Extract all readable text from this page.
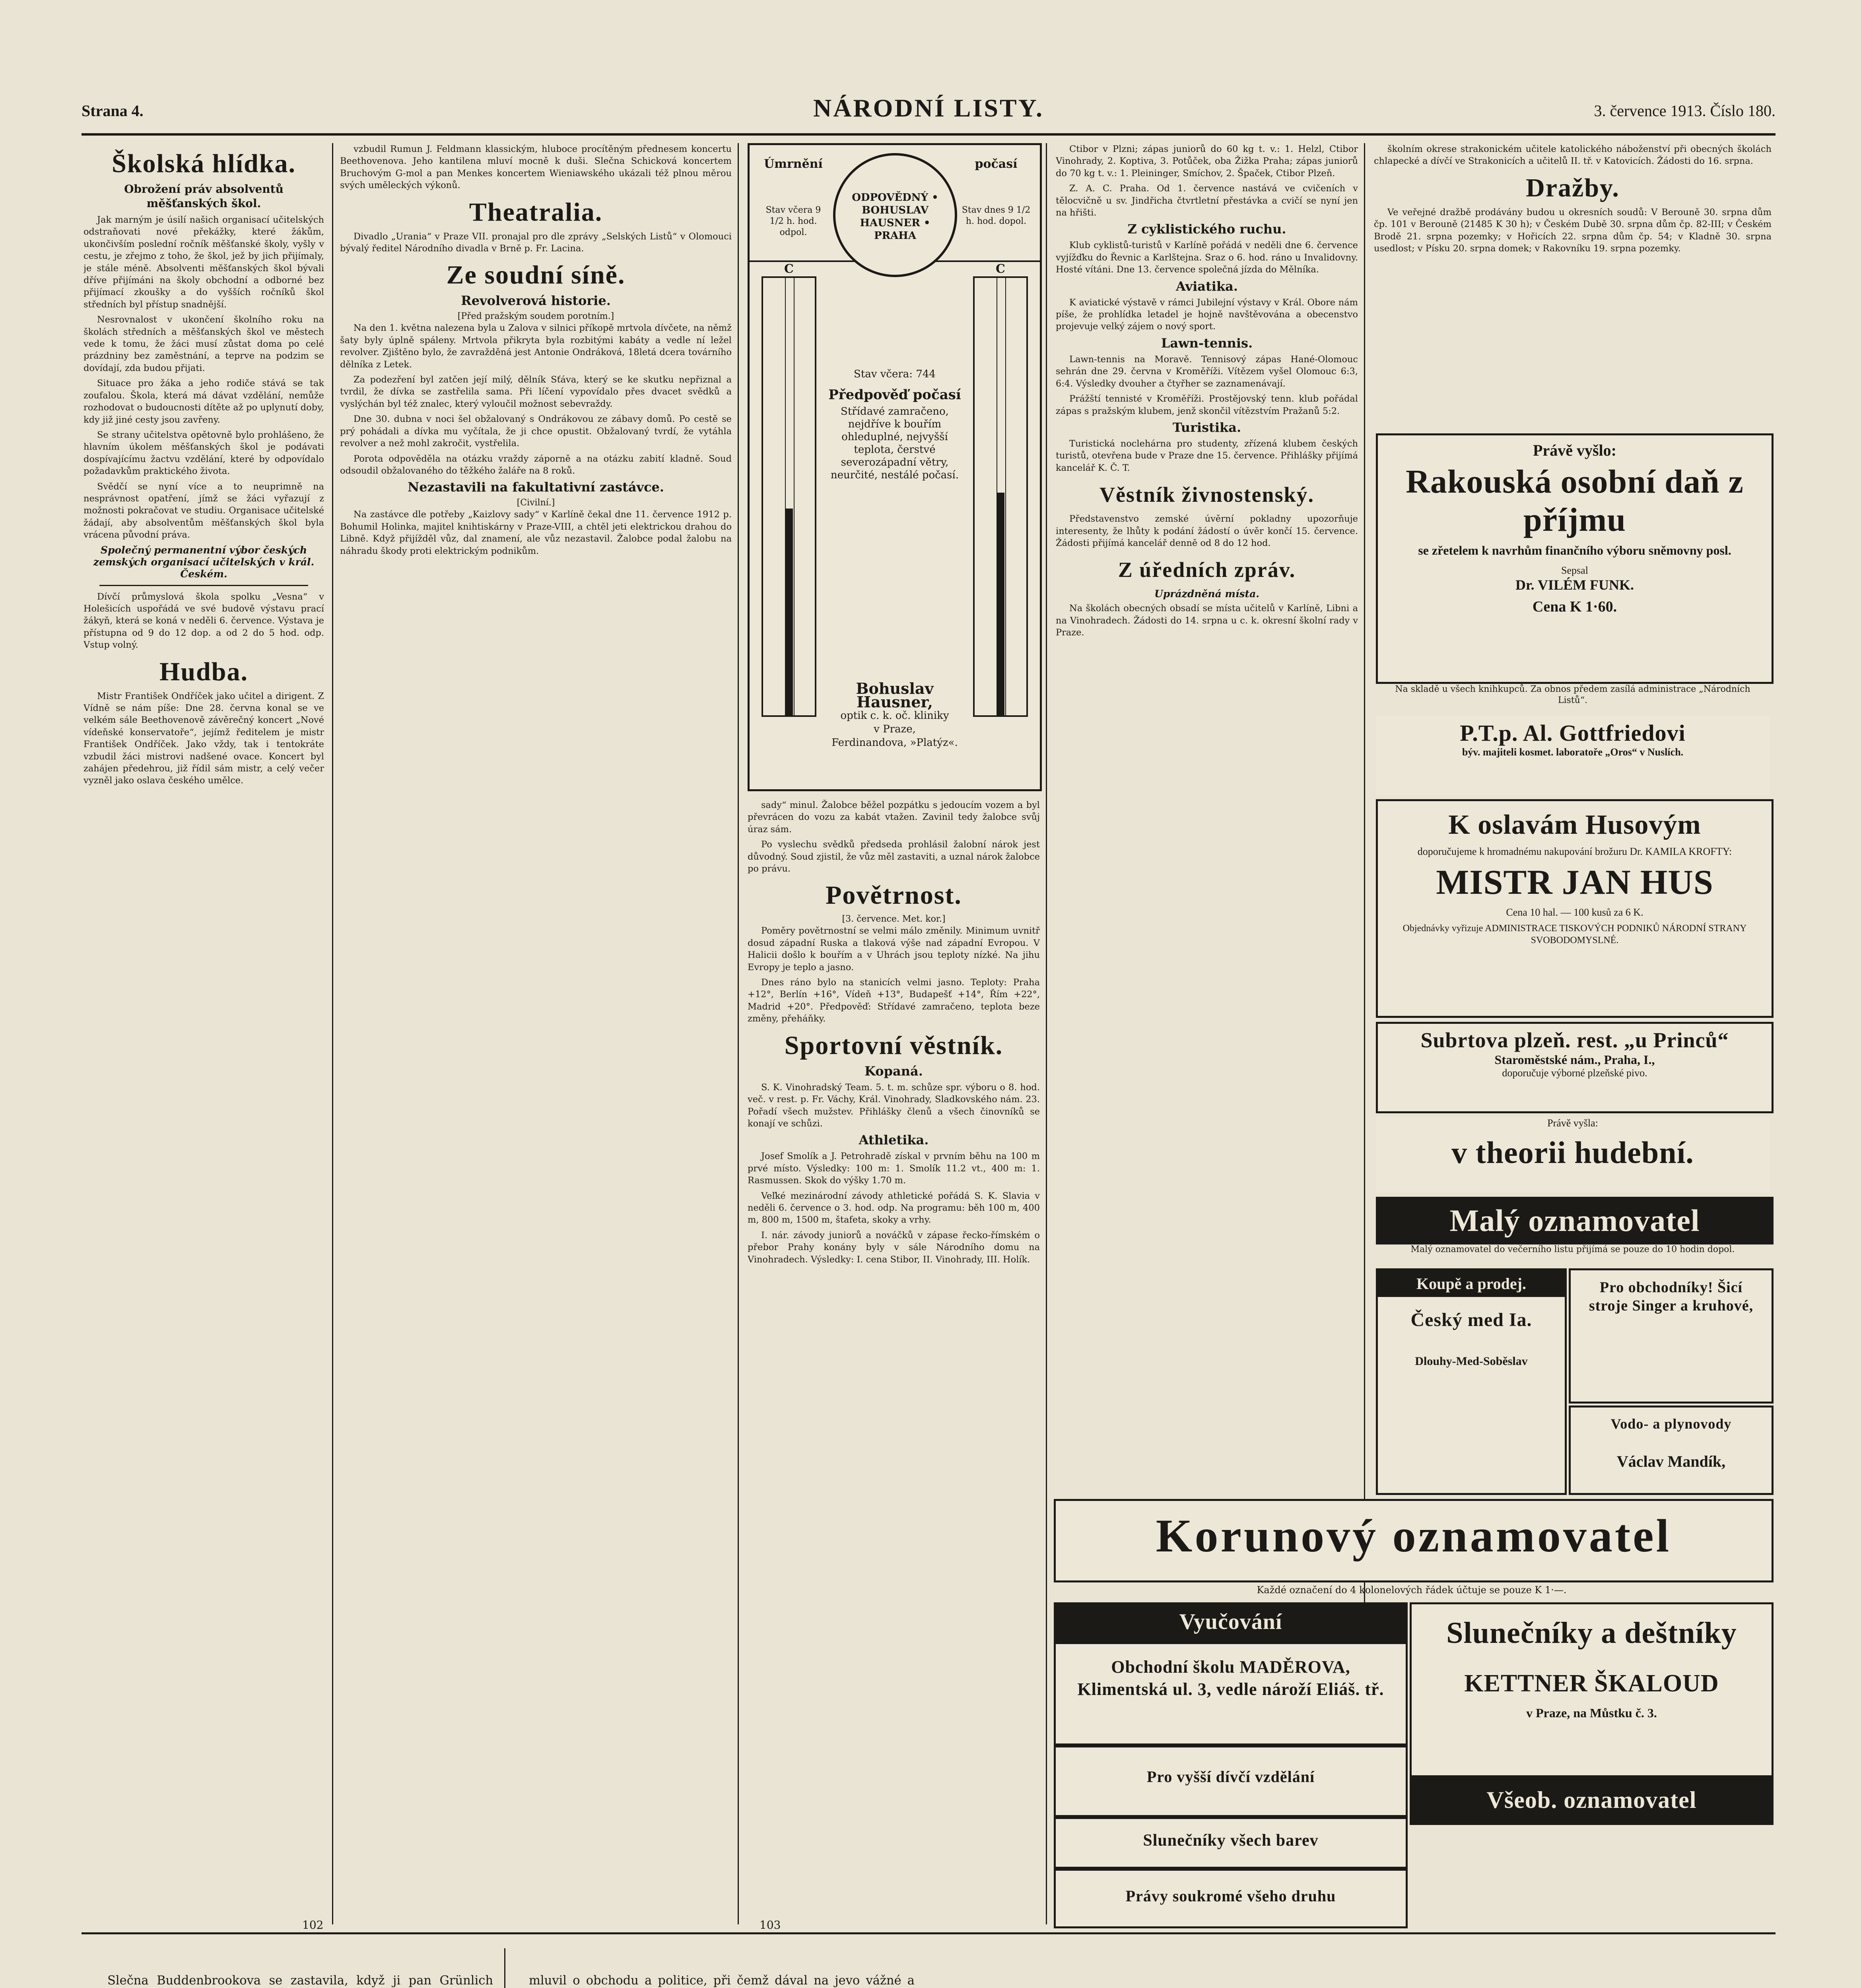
Strana 4.	NÁRODNÍ LISTY.	3. července 1913. Číslo 180.
Školská hlídka.
Obrožení práv absolventů měšťanských škol.

Jak marným je úsilí našich organisací učitelských odstraňovati nové překážky, které žákům, ukončivším poslední ročník měšťanské školy, vyšly v cestu, je zřejmo z toho, že škol, jež by jich přijímaly, je stále méně. Absolventi měšťanských škol bývali dříve přijímáni na školy obchodní a odborné bez přijímací zkoušky a do vyšších ročníků škol středních byl přístup snadnější.

Nesrovnalost v ukončení školního roku na školách středních a měšťanských škol ve městech vede k tomu, že žáci musí zůstat doma po celé prázdniny bez zaměstnání, a teprve na podzim se dovídají, zda budou přijati.

Situace pro žáka a jeho rodiče stává se tak zoufalou. Škola, která má dávat vzdělání, nemůže rozhodovat o budoucnosti dítěte až po uplynutí doby, kdy již jiné cesty jsou zavřeny.

Se strany učitelstva opětovně bylo prohlášeno, že hlavním úkolem měšťanských škol je podávati dospívajícímu žactvu vzdělání, které by odpovídalo požadavkům praktického života.

Svědčí se nyní více a to neuprimně na nesprávnost opatření, jímž se žáci vyřazují z možnosti pokračovat ve studiu. Organisace učitelské žádají, aby absolventům měšťanských škol byla vrácena původní práva.

Společný permanentní výbor českých zemských organisací učitelských v král. Českém.

Dívčí průmyslová škola spolku „Vesna“ v Holešicích uspořádá ve své budově výstavu prací žákyň, která se koná v neděli 6. července. Výstava je přístupna od 9 do 12 dop. a od 2 do 5 hod. odp. Vstup volný.

Hudba.

Mistr František Ondříček jako učitel a dirigent. Z Vídně se nám píše: Dne 28. června konal se ve velkém sále Beethovenově závěrečný koncert „Nové vídeňské konservatoře“, jejímž ředitelem je mistr František Ondříček. Jako vždy, tak i tentokráte vzbudil žáci mistrovi nadšené ovace. Koncert byl zahájen předehrou, již řídil sám mistr, a celý večer vyzněl jako oslava českého umělce.

vzbudil Rumun J. Feldmann klassickým, hluboce procítěným přednesem koncertu Beethovenova. Jeho kantilena mluví mocně k duši. Slečna Schicková koncertem Bruchovým G-mol a pan Menkes koncertem Wieniawského ukázali též plnou měrou svých uměleckých výkonů.

Theatralia.

Divadlo „Urania“ v Praze VII. pronajal pro dle zprávy „Selských Listů“ v Olomouci bývalý ředitel Národního divadla v Brně p. Fr. Lacina.

Ze soudní síně.
Revolverová historie.
[Před pražským soudem porotním.]

Na den 1. května nalezena byla u Zalova v silnici příkopě mrtvola dívčete, na němž šaty byly úplně spáleny. Mrtvola přikryta byla rozbitými kabáty a vedle ní ležel revolver. Zjištěno bylo, že zavražděná jest Antonie Ondráková, 18letá dcera továrního dělníka z Letek.

Za podezření byl zatčen její milý, dělník Sťáva, který se ke skutku nepřiznal a tvrdil, že dívka se zastřelila sama. Při líčení vypovídalo přes dvacet svědků a vyslýchán byl též znalec, který vyloučil možnost sebevraždy.

Dne 30. dubna v noci šel obžalovaný s Ondrákovou ze zábavy domů. Po cestě se prý pohádali a dívka mu vyčítala, že ji chce opustit. Obžalovaný tvrdí, že vytáhla revolver a než mohl zakročit, vystřelila.

Porota odpověděla na otázku vraždy záporně a na otázku zabití kladně. Soud odsoudil obžalovaného do těžkého žaláře na 8 roků.

Nezastavili na fakultativní zastávce.
[Civilní.]

Na zastávce dle potřeby „Kaizlovy sady“ v Karlíně čekal dne 11. července 1912 p. Bohumil Holinka, majitel knihtiskárny v Praze-VIII, a chtěl jeti elektrickou drahou do Libně. Když přijížděl vůz, dal znamení, ale vůz nezastavil. Žalobce podal žalobu na náhradu škody proti elektrickým podnikům.

Úmrnění	počasí
Stav včera 9 1/2 h. hod. odpol.
Stav dnes 9 1/2 h. hod. dopol.
ODPOVĚDNÝ • BOHUSLAV HAUSNER • PRAHA
C	C
Stav včera: 744
Předpověď počasí
Střídavé zamračeno, nejdříve k bouřím ohleduplné, nejvyšší teplota, čerstvé severozápadní větry, neurčité, nestálé počasí.
Bohuslav Hausner,
optik c. k. oč. kliniky
v Praze,
Ferdinandova, »Platýz«.

sady“ minul. Žalobce běžel pozpátku s jedoucím vozem a byl převrácen do vozu za kabát vtažen. Zavinil tedy žalobce svůj úraz sám.

Po vyslechu svědků předseda prohlásil žalobní nárok jest důvodný. Soud zjistil, že vůz měl zastaviti, a uznal nárok žalobce po právu.

Povětrnost.
[3. července. Met. kor.]

Poměry povětrnostní se velmi málo změnily. Minimum uvnitř dosud západní Ruska a tlaková výše nad západní Evropou. V Halicii došlo k bouřím a v Uhrách jsou teploty nízké. Na jihu Evropy je teplo a jasno.

Dnes ráno bylo na stanicích velmi jasno. Teploty: Praha +12°, Berlín +16°, Vídeň +13°, Budapešť +14°, Řím +22°, Madrid +20°. Předpověď: Střídavé zamračeno, teplota beze změny, přeháňky.

Sportovní věstník.
Kopaná.

S. K. Vinohradský Team. 5. t. m. schůze spr. výboru o 8. hod. več. v rest. p. Fr. Váchy, Král. Vinohrady, Sladkovského nám. 23. Pořadí všech mužstev. Přihlášky členů a všech činovníků se konají ve schůzi.

Athletika.

Josef Smolík a J. Petrohradě získal v prvním běhu na 100 m prvé místo. Výsledky: 100 m: 1. Smolík 11.2 vt., 400 m: 1. Rasmussen. Skok do výšky 1.70 m.

Veľké mezinárodní závody athletické pořádá S. K. Slavia v neděli 6. července o 3. hod. odp. Na programu: běh 100 m, 400 m, 800 m, 1500 m, štafeta, skoky a vrhy.

I. nár. závody juniorů a nováčků v zápase řecko-římském o přebor Prahy konány byly v sále Národního domu na Vinohradech. Výsledky: I. cena Stibor, II. Vinohrady, III. Holík.

Ctibor v Plzni; zápas juniorů do 60 kg t. v.: 1. Helzl, Ctibor Vinohrady, 2. Koptiva, 3. Potůček, oba Žižka Praha; zápas juniorů do 70 kg t. v.: 1. Pleininger, Smíchov, 2. Špaček, Ctibor Plzeň.

Z. A. C. Praha. Od 1. července nastává ve cvičeních v tělocvičně u sv. Jindřicha čtvrtletní přestávka a cvičí se nyní jen na hřišti.

Z cyklistického ruchu.

Klub cyklistů-turistů v Karlíně pořádá v neděli dne 6. července vyjížďku do Řevnic a Karlštejna. Sraz o 6. hod. ráno u Invalidovny. Hosté vítáni. Dne 13. července společná jízda do Mělníka.

Aviatika.

K aviatické výstavě v rámci Jubilejní výstavy v Král. Obore nám píše, že prohlídka letadel je hojně navštěvována a obecenstvo projevuje velký zájem o nový sport.

Lawn-tennis.

Lawn-tennis na Moravě. Tennisový zápas Hané-Olomouc sehrán dne 29. června v Kroměříži. Vítězem vyšel Olomouc 6:3, 6:4. Výsledky dvouher a čtyřher se zaznamenávají.

Prážští tennisté v Kroměříži. Prostějovský tenn. klub pořádal zápas s pražským klubem, jenž skončil vítězstvím Pražanů 5:2.

Turistika.

Turistická noclehárna pro studenty, zřízená klubem českých turistů, otevřena bude v Praze dne 15. července. Přihlášky přijímá kancelář K. Č. T.

Věstník živnostenský.

Představenstvo zemské úvěrní pokladny upozorňuje interesenty, že lhůty k podání žádostí o úvěr končí 15. července. Žádosti přijímá kancelář denně od 8 do 12 hod.

Z úředních zpráv.
Uprázdněná místa.

Na školách obecných obsadí se místa učitelů v Karlíně, Libni a na Vinohradech. Žádosti do 14. srpna u c. k. okresní školní rady v Praze.

školním okrese strakonickém učitele katolického náboženství při obecných školách chlapecké a dívčí ve Strakonicích a učitelů II. tř. v Katovicích. Žádosti do 16. srpna.

Dražby.

Ve veřejné dražbě prodávány budou u okresních soudů: V Berouně 30. srpna dům čp. 101 v Berouně (21485 K 30 h); v Českém Dubě 30. srpna dům čp. 82-III; v Českém Brodě 21. srpna pozemky; v Hořicích 22. srpna dům čp. 54; v Kladně 30. srpna usedlost; v Písku 20. srpna domek; v Rakovníku 19. srpna pozemky.

Právě vyšlo:
Rakouská osobní daň z příjmu
se zřetelem k navrhům finančního výboru sněmovny posl.
Sepsal
Dr. VILÉM FUNK.
Cena K 1·60.
Na skladě u všech knihkupců. Za obnos předem zasílá administrace „Národních Listů“.
P.T.p. Al. Gottfriedovi
býv. majiteli kosmet. laboratoře „Oros“ v Nuslích.
K oslavám Husovým
doporučujeme k hromadnému nakupování brožuru Dr. KAMILA KROFTY:
MISTR JAN HUS
Cena 10 hal. — 100 kusů za 6 K.
Objednávky vyřizuje ADMINISTRACE TISKOVÝCH PODNIKŮ NÁRODNÍ STRANY SVOBODOMYSLNÉ.
Subrtova plzeň. rest. „u Princů“
Staroměstské nám., Praha, I.,
doporučuje výborné plzeňské pivo.
Právě vyšla:
v theorii hudební.
Malý oznamovatel
Malý oznamovatel do večerního listu přijímá se pouze do 10 hodin dopol.
Koupě a prodej.
Český med Ia.
Dlouhy-Med-Soběslav
Pro obchodníky! Šicí stroje Singer a kruhové,
Vodo- a plynovody
Václav Mandík,
Korunový oznamovatel
Každé označení do 4 kolonelových řádek účtuje se pouze K 1·—.
Vyučování
Obchodní školu MADĚROVA, Klimentská ul. 3, vedle nároží Eliáš. tř.
Pro vyšší dívčí vzdělání
Slunečníky všech barev
Právy soukromé všeho druhu
Slunečníky a deštníky
KETTNER ŠKALOUD
v Praze, na Můstku č. 3.
Všeob. oznamovatel
102	103

Slečna Buddenbrookova se zastavila, když ji pan Grünlich	mluvil o obchodu a politice, při čemž dával na jevo vážné a
